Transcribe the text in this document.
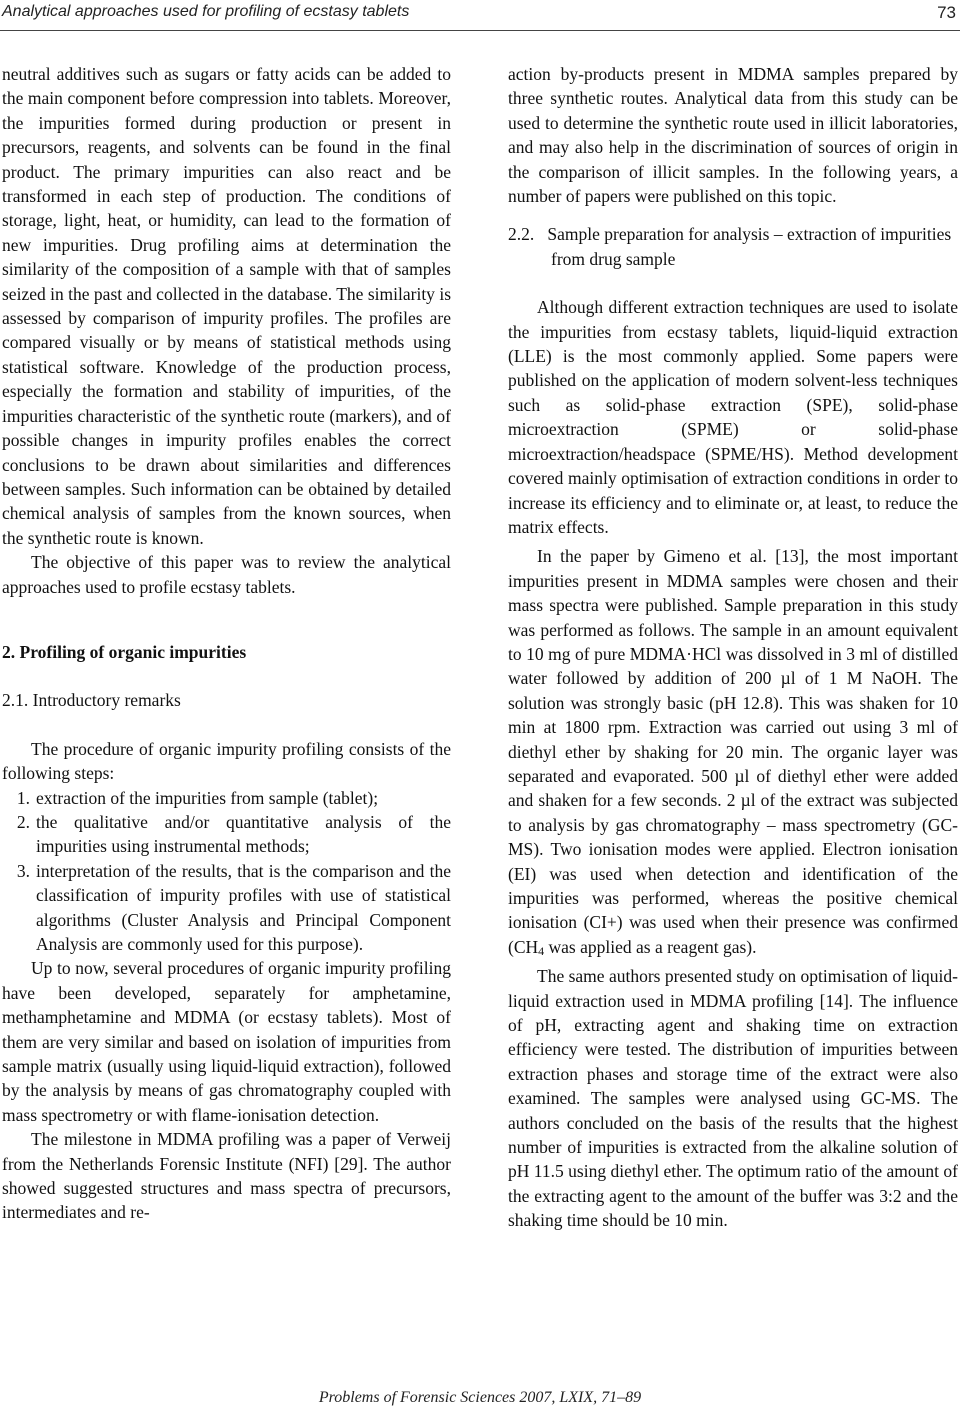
Analytical approaches used for profiling of ecstasy tablets	73

neutral additives such as sugars or fatty acids can be added to the main component before compression into tablets. Moreover, the impurities formed during production or present in precursors, reagents, and solvents can be found in the final product. The primary impurities can also react and be transformed in each step of production. The conditions of storage, light, heat, or humidity, can lead to the formation of new impurities. Drug profiling aims at determination the similarity of the composition of a sample with that of samples seized in the past and collected in the database. The similarity is assessed by comparison of impurity profiles. The profiles are compared visually or by means of statistical methods using statistical software. Knowledge of the production process, especially the formation and stability of impurities, of the impurities characteristic of the synthetic route (markers), and of possible changes in impurity profiles enables the correct conclusions to be drawn about similarities and differences between samples. Such information can be obtained by detailed chemical analysis of samples from the known sources, when the synthetic route is known.

The objective of this paper was to review the analytical approaches used to profile ecstasy tablets.

2. Profiling of organic impurities

2.1. Introductory remarks

The procedure of organic impurity profiling consists of the following steps:

1. extraction of the impurities from sample (tablet);
2. the qualitative and/or quantitative analysis of the impurities using instrumental methods;
3. interpretation of the results, that is the comparison and the classification of impurity profiles with use of statistical algorithms (Cluster Analysis and Principal Component Analysis are commonly used for this purpose).

Up to now, several procedures of organic impurity profiling have been developed, separately for amphetamine, methamphetamine and MDMA (or ecstasy tablets). Most of them are very similar and based on isolation of impurities from sample matrix (usually using liquid-liquid extraction), followed by the analysis by means of gas chromatography coupled with mass spectrometry or with flame-ionisation detection.

The milestone in MDMA profiling was a paper of Verweij from the Netherlands Forensic Institute (NFI) [29]. The author showed suggested structures and mass spectra of precursors, intermediates and re-

action by-products present in MDMA samples prepared by three synthetic routes. Analytical data from this study can be used to determine the synthetic route used in illicit laboratories, and may also help in the discrimination of sources of origin in the comparison of illicit samples. In the following years, a number of papers were published on this topic.

2.2. Sample preparation for analysis – extraction of impurities from drug sample

Although different extraction techniques are used to isolate the impurities from ecstasy tablets, liquid-liquid extraction (LLE) is the most commonly applied. Some papers were published on the application of modern solvent-less techniques such as solid-phase extraction (SPE), solid-phase microextraction (SPME) or solid-phase microextraction/headspace (SPME/HS). Method development covered mainly optimisation of extraction conditions in order to increase its efficiency and to eliminate or, at least, to reduce the matrix effects.

In the paper by Gimeno et al. [13], the most important impurities present in MDMA samples were chosen and their mass spectra were published. Sample preparation in this study was performed as follows. The sample in an amount equivalent to 10 mg of pure MDMA·HCl was dissolved in 3 ml of distilled water followed by addition of 200 µl of 1 M NaOH. The solution was strongly basic (pH 12.8). This was shaken for 10 min at 1800 rpm. Extraction was carried out using 3 ml of diethyl ether by shaking for 20 min. The organic layer was separated and evaporated. 500 µl of diethyl ether were added and shaken for a few seconds. 2 µl of the extract was subjected to analysis by gas chromatography – mass spectrometry (GC-MS). Two ionisation modes were applied. Electron ionisation (EI) was used when detection and identification of the impurities was performed, whereas the positive chemical ionisation (CI+) was used when their presence was confirmed ($CH_4$ was applied as a reagent gas).

The same authors presented study on optimisation of liquid-liquid extraction used in MDMA profiling [14]. The influence of pH, extracting agent and shaking time on extraction efficiency were tested. The distribution of impurities between extraction phases and storage time of the extract were also examined. The samples were analysed using GC-MS. The authors concluded on the basis of the results that the highest number of impurities is extracted from the alkaline solution of pH 11.5 using diethyl ether. The optimum ratio of the amount of the extracting agent to the amount of the buffer was 3:2 and the shaking time should be 10 min.

Problems of Forensic Sciences 2007, LXIX, 71–89
